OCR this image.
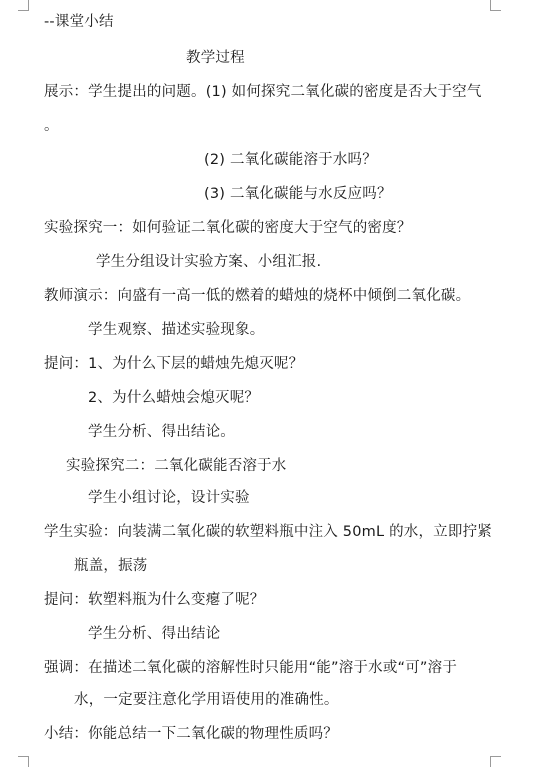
--课堂小结
教学过程
展示：学生提出的问题。(1) 如何探究二氧化碳的密度是否大于空气
。
(2) 二氧化碳能溶于水吗？
(3) 二氧化碳能与水反应吗？
实验探究一：如何验证二氧化碳的密度大于空气的密度？
学生分组设计实验方案、小组汇报.
教师演示：向盛有一高一低的燃着的蜡烛的烧杯中倾倒二氧化碳。
学生观察、描述实验现象。
提问：1、为什么下层的蜡烛先熄灭呢？
2、为什么蜡烛会熄灭呢？
学生分析、得出结论。
实验探究二：二氧化碳能否溶于水
学生小组讨论，设计实验
学生实验：向装满二氧化碳的软塑料瓶中注入 50mL 的水，立即拧紧
瓶盖，振荡
提问：软塑料瓶为什么变瘪了呢？
学生分析、得出结论
强调：在描述二氧化碳的溶解性时只能用“能”溶于水或“可”溶于
水，一定要注意化学用语使用的准确性。
小结：你能总结一下二氧化碳的物理性质吗？
